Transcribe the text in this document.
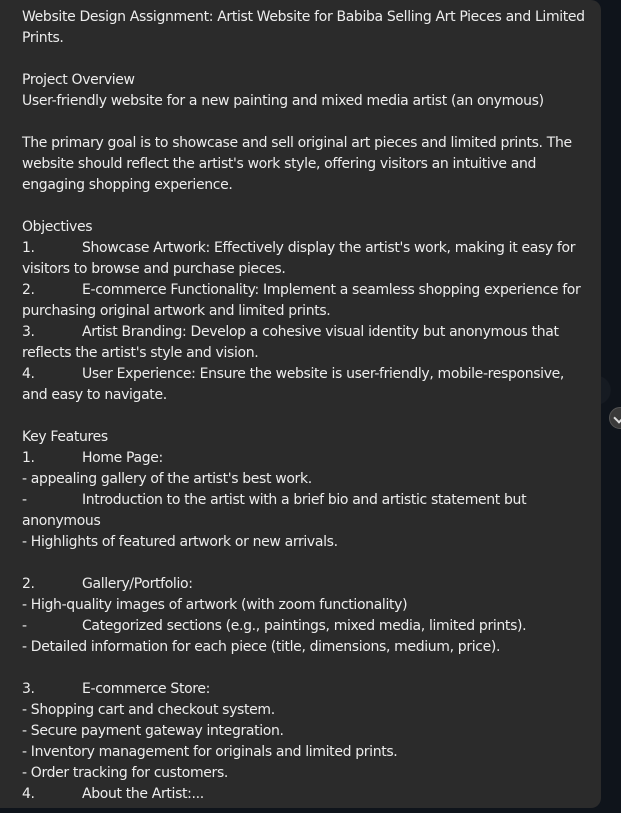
Website Design Assignment: Artist Website for Babiba Selling Art Pieces and Limited Prints.

Project Overview
User-friendly website for a new painting and mixed media artist (an onymous)

The primary goal is to showcase and sell original art pieces and limited prints. The website should reflect the artist's work style, offering visitors an intuitive and engaging shopping experience.

Objectives
1.	Showcase Artwork: Effectively display the artist's work, making it easy for visitors to browse and purchase pieces.
2.	E-commerce Functionality: Implement a seamless shopping experience for purchasing original artwork and limited prints.
3.	Artist Branding: Develop a cohesive visual identity but anonymous that reflects the artist's style and vision.
4.	User Experience: Ensure the website is user-friendly, mobile-responsive, and easy to navigate.

Key Features
1.	Home Page:
- appealing gallery of the artist's best work.
-	Introduction to the artist with a brief bio and artistic statement but anonymous
- Highlights of featured artwork or new arrivals.

2.	Gallery/Portfolio:
- High-quality images of artwork (with zoom functionality)
-	Categorized sections (e.g., paintings, mixed media, limited prints).
- Detailed information for each piece (title, dimensions, medium, price).

3.	E-commerce Store:
- Shopping cart and checkout system.
- Secure payment gateway integration.
- Inventory management for originals and limited prints.
- Order tracking for customers.
4.	About the Artist:...
